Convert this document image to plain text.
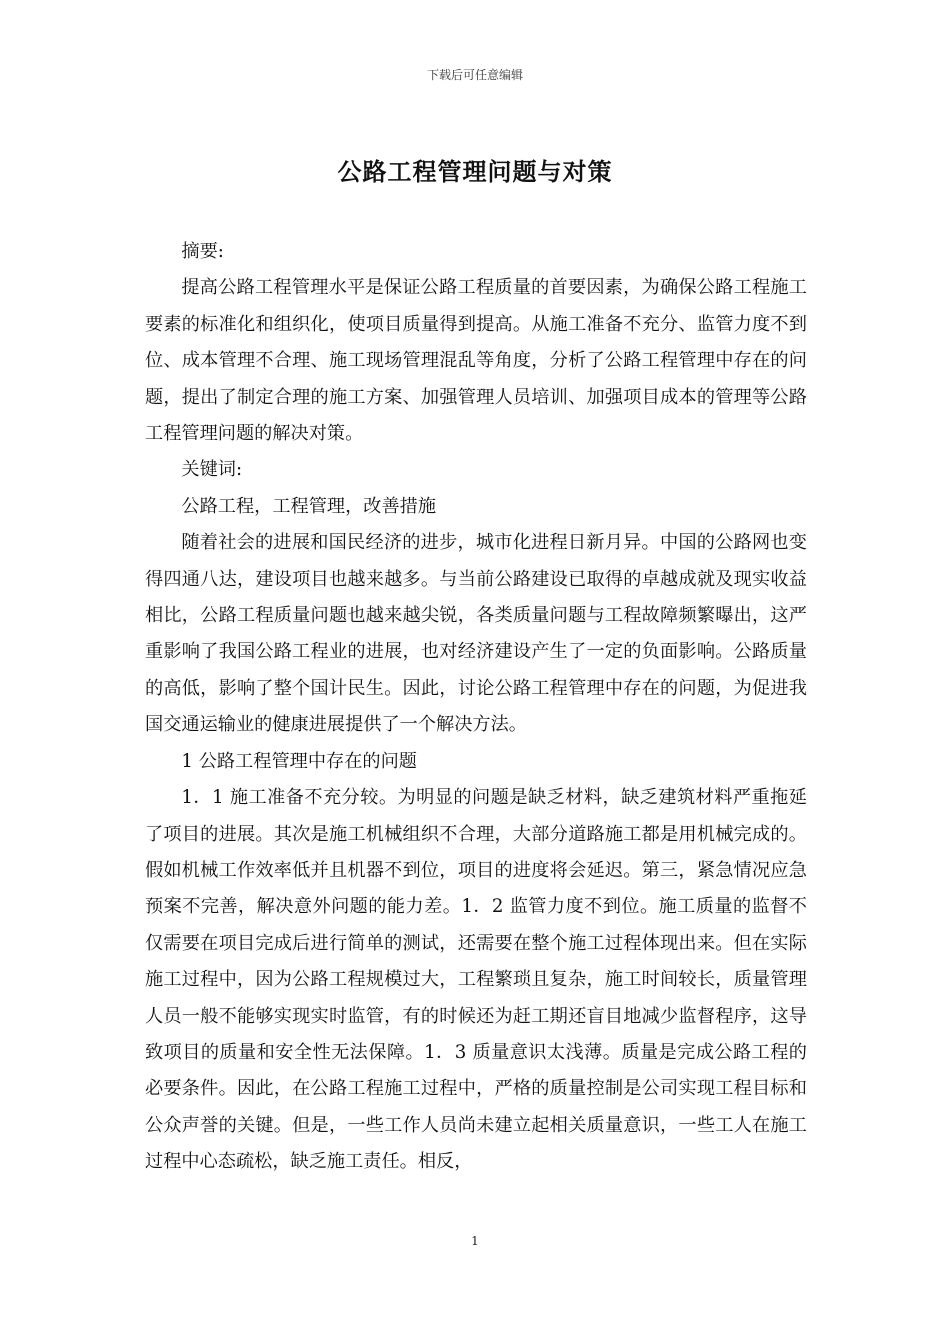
下载后可任意编辑
公路工程管理问题与对策

摘要:

提高公路工程管理水平是保证公路工程质量的首要因素，为确保公路工程施工要素的标准化和组织化，使项目质量得到提高。从施工准备不充分、监管力度不到位、成本管理不合理、施工现场管理混乱等角度，分析了公路工程管理中存在的问题，提出了制定合理的施工方案、加强管理人员培训、加强项目成本的管理等公路工程管理问题的解决对策。

关键词:

公路工程，工程管理，改善措施

随着社会的进展和国民经济的进步，城市化进程日新月异。中国的公路网也变得四通八达，建设项目也越来越多。与当前公路建设已取得的卓越成就及现实收益相比，公路工程质量问题也越来越尖锐，各类质量问题与工程故障频繁曝出，这严重影响了我国公路工程业的进展，也对经济建设产生了一定的负面影响。公路质量的高低，影响了整个国计民生。因此，讨论公路工程管理中存在的问题，为促进我国交通运输业的健康进展提供了一个解决方法。

1 公路工程管理中存在的问题

1．1 施工准备不充分较。为明显的问题是缺乏材料，缺乏建筑材料严重拖延了项目的进展。其次是施工机械组织不合理，大部分道路施工都是用机械完成的。假如机械工作效率低并且机器不到位，项目的进度将会延迟。第三，紧急情况应急预案不完善，解决意外问题的能力差。1．2 监管力度不到位。施工质量的监督不仅需要在项目完成后进行简单的测试，还需要在整个施工过程体现出来。但在实际施工过程中，因为公路工程规模过大，工程繁琐且复杂，施工时间较长，质量管理人员一般不能够实现实时监管，有的时候还为赶工期还盲目地减少监督程序，这导致项目的质量和安全性无法保障。1．3 质量意识太浅薄。质量是完成公路工程的必要条件。因此，在公路工程施工过程中，严格的质量控制是公司实现工程目标和公众声誉的关键。但是，一些工作人员尚未建立起相关质量意识，一些工人在施工过程中心态疏松，缺乏施工责任。相反，

1
